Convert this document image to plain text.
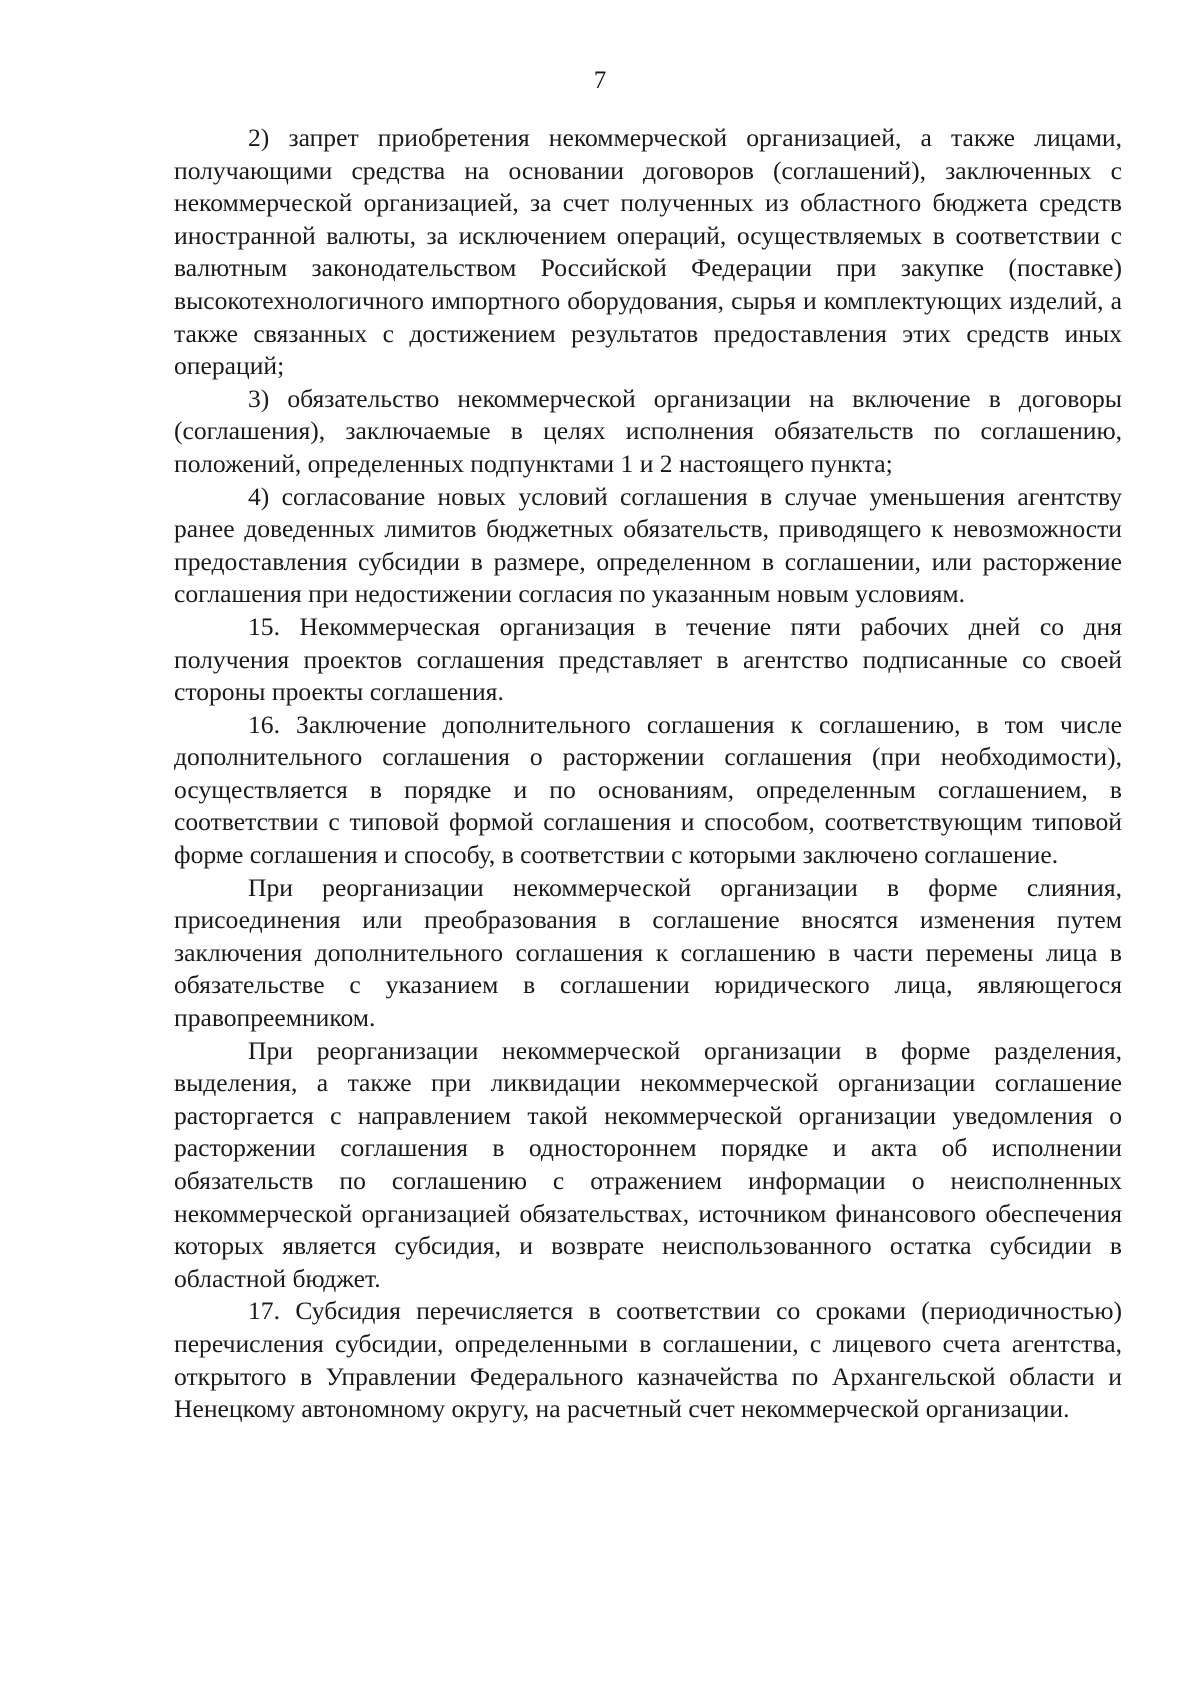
7

2) запрет приобретения некоммерческой организацией, а также лицами, получающими средства на основании договоров (соглашений), заключенных с некоммерческой организацией, за счет полученных из областного бюджета средств иностранной валюты, за исключением операций, осуществляемых в соответствии с валютным законодательством Российской Федерации при закупке (поставке) высокотехнологичного импортного оборудования, сырья и комплектующих изделий, а также связанных с достижением результатов предоставления этих средств иных операций;

3) обязательство некоммерческой организации на включение в договоры (соглашения), заключаемые в целях исполнения обязательств по соглашению, положений, определенных подпунктами 1 и 2 настоящего пункта;

4) согласование новых условий соглашения в случае уменьшения агентству ранее доведенных лимитов бюджетных обязательств, приводящего к невозможности предоставления субсидии в размере, определенном в соглашении, или расторжение соглашения при недостижении согласия по указанным новым условиям.

15. Некоммерческая организация в течение пяти рабочих дней со дня получения проектов соглашения представляет в агентство подписанные со своей стороны проекты соглашения.

16. Заключение дополнительного соглашения к соглашению, в том числе дополнительного соглашения о расторжении соглашения (при необходимости), осуществляется в порядке и по основаниям, определенным соглашением, в соответствии с типовой формой соглашения и способом, соответствующим типовой форме соглашения и способу, в соответствии с которыми заключено соглашение.

При реорганизации некоммерческой организации в форме слияния, присоединения или преобразования в соглашение вносятся изменения путем заключения дополнительного соглашения к соглашению в части перемены лица в обязательстве с указанием в соглашении юридического лица, являющегося правопреемником.

При реорганизации некоммерческой организации в форме разделения, выделения, а также при ликвидации некоммерческой организации соглашение расторгается с направлением такой некоммерческой организации уведомления о расторжении соглашения в одностороннем порядке и акта об исполнении обязательств по соглашению с отражением информации о неисполненных некоммерческой организацией обязательствах, источником финансового обеспечения которых является субсидия, и возврате неиспользованного остатка субсидии в областной бюджет.

17. Субсидия перечисляется в соответствии со сроками (периодичностью) перечисления субсидии, определенными в соглашении, с лицевого счета агентства, открытого в Управлении Федерального казначейства по Архангельской области и Ненецкому автономному округу, на расчетный счет некоммерческой организации.
